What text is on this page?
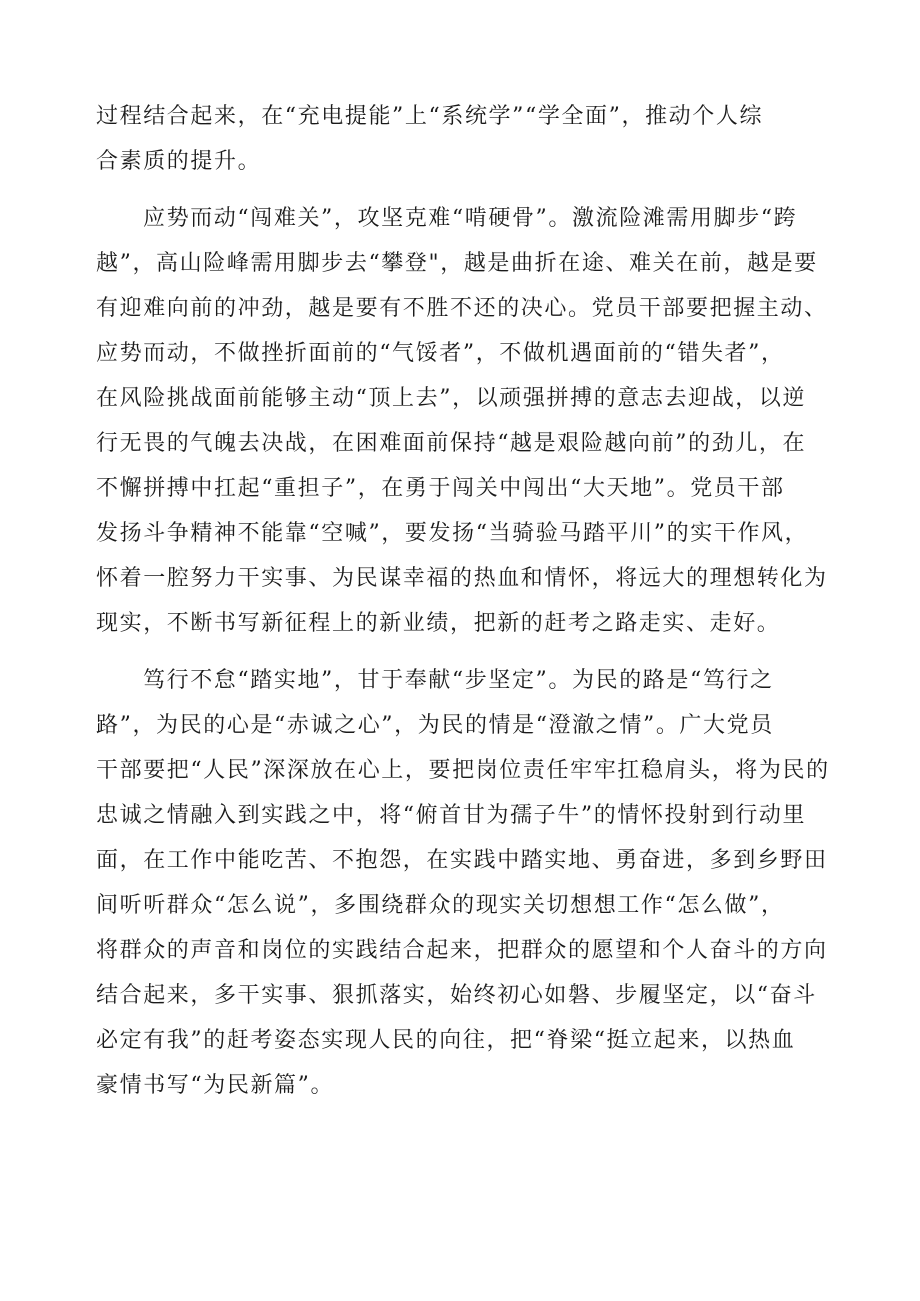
过程结合起来，在“充电提能”上“系统学”“学全面”，推动个人综
合素质的提升。
应势而动“闯难关”，攻坚克难“啃硬骨”。激流险滩需用脚步“跨
越”，高山险峰需用脚步去“攀登"，越是曲折在途、难关在前，越是要
有迎难向前的冲劲，越是要有不胜不还的决心。党员干部要把握主动、
应势而动，不做挫折面前的“气馁者”，不做机遇面前的“错失者”，
在风险挑战面前能够主动“顶上去”，以顽强拼搏的意志去迎战，以逆
行无畏的气魄去决战，在困难面前保持“越是艰险越向前”的劲儿，在
不懈拼搏中扛起“重担子”，在勇于闯关中闯出“大天地”。党员干部
发扬斗争精神不能靠“空喊”，要发扬“当骑验马踏平川”的实干作风，
怀着一腔努力干实事、为民谋幸福的热血和情怀，将远大的理想转化为
现实，不断书写新征程上的新业绩，把新的赶考之路走实、走好。
笃行不怠“踏实地”，甘于奉献“步坚定”。为民的路是“笃行之
路”，为民的心是“赤诚之心”，为民的情是“澄澈之情”。广大党员
干部要把“人民”深深放在心上，要把岗位责任牢牢扛稳肩头，将为民的
忠诚之情融入到实践之中，将“俯首甘为孺子牛”的情怀投射到行动里
面，在工作中能吃苦、不抱怨，在实践中踏实地、勇奋进，多到乡野田
间听听群众“怎么说”，多围绕群众的现实关切想想工作“怎么做”，
将群众的声音和岗位的实践结合起来，把群众的愿望和个人奋斗的方向
结合起来，多干实事、狠抓落实，始终初心如磐、步履坚定，以“奋斗
必定有我”的赶考姿态实现人民的向往，把“脊梁“挺立起来，以热血
豪情书写“为民新篇”。
